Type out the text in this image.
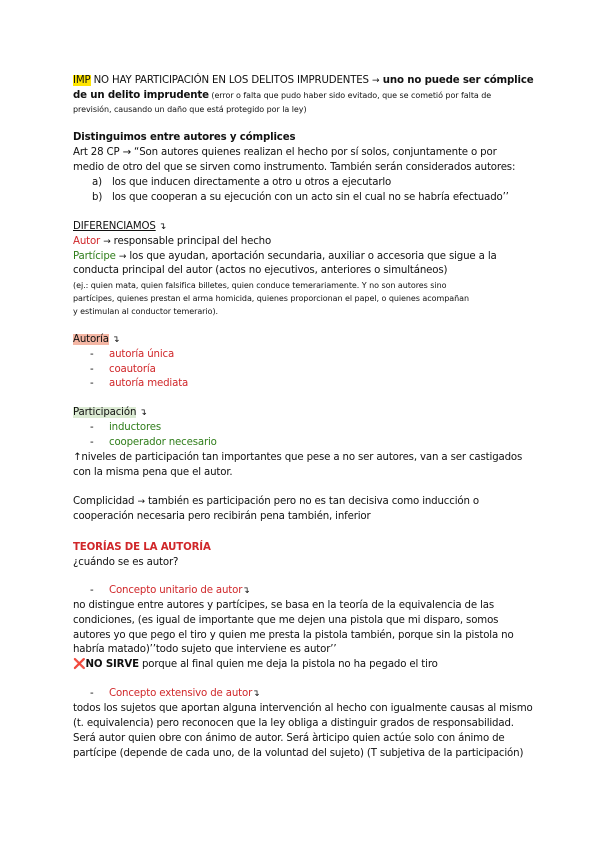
IMP NO HAY PARTICIPACIÓN EN LOS DELITOS IMPRUDENTES → uno no puede ser cómplice
de un delito imprudente (error o falta que pudo haber sido evitado, que se cometió por falta de
previsión, causando un daño que está protegido por la ley)
Distinguimos entre autores y cómplices
Art 28 CP → “Son autores quienes realizan el hecho por sí solos, conjuntamente o por
medio de otro del que se sirven como instrumento. También serán considerados autores:
a) los que inducen directamente a otro u otros a ejecutarlo
b) los que cooperan a su ejecución con un acto sin el cual no se habría efectuado’’
DIFERENCIAMOS ↴
Autor → responsable principal del hecho
Partícipe → los que ayudan, aportación secundaria, auxiliar o accesoria que sigue a la
conducta principal del autor (actos no ejecutivos, anteriores o simultáneos)
(ej.: quien mata, quien falsifica billetes, quien conduce temerariamente. Y no son autores sino
partícipes, quienes prestan el arma homicida, quienes proporcionan el papel, o quienes acompañan
y estimulan al conductor temerario).
Autoría ↴
- autoría única
- coautoría
- autoría mediata
Participación ↴
- inductores
- cooperador necesario
↑niveles de participación tan importantes que pese a no ser autores, van a ser castigados
con la misma pena que el autor.
Complicidad → también es participación pero no es tan decisiva como inducción o
cooperación necesaria pero recibirán pena también, inferior
TEORÍAS DE LA AUTORÍA
¿cuándo se es autor?
- Concepto unitario de autor↴
no distingue entre autores y partícipes, se basa en la teoría de la equivalencia de las
condiciones, (es igual de importante que me dejen una pistola que mi disparo, somos
autores yo que pego el tiro y quien me presta la pistola también, porque sin la pistola no
habría matado)’’todo sujeto que interviene es autor’’
❌NO SIRVE porque al final quien me deja la pistola no ha pegado el tiro
- Concepto extensivo de autor↴
todos los sujetos que aportan alguna intervención al hecho con igualmente causas al mismo
(t. equivalencia) pero reconocen que la ley obliga a distinguir grados de responsabilidad.
Será autor quien obre con ánimo de autor. Será àrticipo quien actúe solo con ánimo de
partícipe (depende de cada uno, de la voluntad del sujeto) (T subjetiva de la participación)
